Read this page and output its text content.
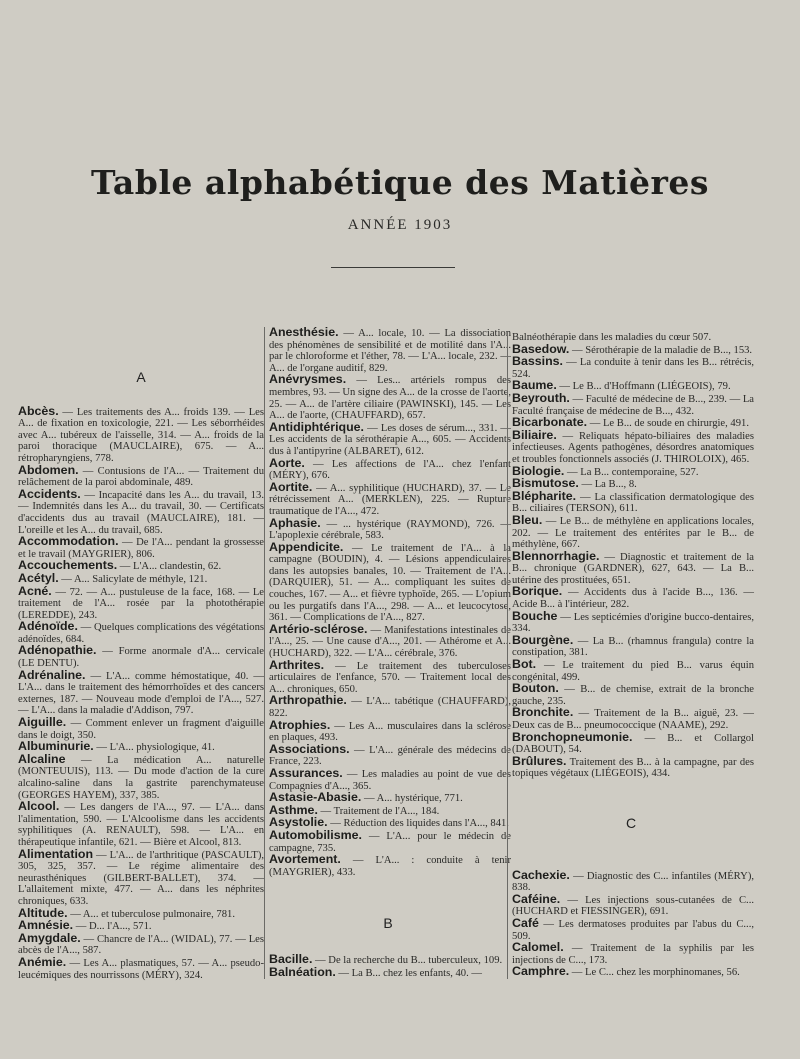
Table alphabétique des Matières
ANNÉE 1903
A
Abcès. — Les traitements des A... froids 139. — Les A... de fixation en toxicologie, 221. — Les séborrhéides avec A... tubéreux de l'aisselle, 314. — A... froids de la paroi thoracique (MAUCLAIRE), 675. — A... rétropharyngiens, 778.
Abdomen. — Contusions de l'A... — Traitement du relâchement de la paroi abdominale, 489.
Accidents. — Incapacité dans les A... du travail, 13. — Indemnités dans les A... du travail, 30. — Certificats d'accidents dus au travail (MAUCLAIRE), 181. — L'oreille et les A... du travail, 685.
Accommodation. — De l'A... pendant la grossesse et le travail (MAYGRIER), 806.
Accouchements. — L'A... clandestin, 62.
Acétyl. — A... Salicylate de méthyle, 121.
Acné. — 72. — A... pustuleuse de la face, 168. — Le traitement de l'A... rosée par la photothérapie (LEREDDE), 243.
Adénoïde. — Quelques complications des végétations adénoïdes, 684.
Adénopathie. — Forme anormale d'A... cervicale (LE DENTU).
Adrénaline. — L'A... comme hémostatique, 40. — L'A... dans le traitement des hémorrhoïdes et des cancers externes, 187. — Nouveau mode d'emploi de l'A..., 527. — L'A... dans la maladie d'Addison, 797.
Aiguille. — Comment enlever un fragment d'aiguille dans le doigt, 350.
Albuminurie. — L'A... physiologique, 41.
Alcaline — La médication A... naturelle (MONTEUUIS), 113. — Du mode d'action de la cure alcalino-saline dans la gastrite parenchymateuse (GEORGES HAYEM), 337, 385.
Alcool. — Les dangers de l'A..., 97. — L'A... dans l'alimentation, 590. — L'Alcoolisme dans les accidents syphilitiques (A. RENAULT), 598. — L'A... en thérapeutique infantile, 621. — Bière et Alcool, 813.
Alimentation — L'A... de l'arthritique (PASCAULT), 305, 325, 357. — Le régime alimentaire des neurasthéniques (GILBERT-BALLET), 374. — L'allaitement mixte, 477. — A... dans les néphrites chroniques, 633.
Altitude. — A... et tuberculose pulmonaire, 781.
Amnésie. — D... l'A..., 571.
Amygdale. — Chancre de l'A... (WIDAL), 77. — Les abcès de l'A..., 587.
Anémie. — Les A... plasmatiques, 57. — A... pseudo-leucémiques des nourrissons (MÉRY), 324.
Anesthésie. — A... locale, 10. — La dissociation des phénomènes de sensibilité et de motilité dans l'A... par le chloroforme et l'éther, 78. — L'A... locale, 232. — A... de l'organe auditif, 829.
Anévrysmes. — Les... artériels rompus des membres, 93. — Un signe des A... de la crosse de l'aorte, 25. — A... de l'artère ciliaire (PAWINSKI), 145. — Les A... de l'aorte, (CHAUFFARD), 657.
Antidiphtérique. — Les doses de sérum..., 331. — Les accidents de la sérothérapie A..., 605. — Accidents dus à l'antipyrine (ALBARET), 612.
Aorte. — Les affections de l'A... chez l'enfant (MÉRY), 676.
Aortite. — A... syphilitique (HUCHARD), 37. — Le rétrécissement A... (MERKLEN), 225. — Rupture traumatique de l'A..., 472.
Aphasie. — ... hystérique (RAYMOND), 726. — L'apoplexie cérébrale, 583.
Appendicite. — Le traitement de l'A... à la campagne (BOUDIN), 4. — Lésions appendiculaires dans les autopsies banales, 10. — Traitement de l'A... (DARQUIER), 51. — A... compliquant les suites de couches, 167. — A... et fièvre typhoïde, 265. — L'opium ou les purgatifs dans l'A..., 298. — A... et leucocytose, 361. — Complications de l'A..., 827.
Artério-sclérose. — Manifestations intestinales de l'A..., 25. — Une cause d'A..., 201. — Athérome et A... (HUCHARD), 322. — L'A... cérébrale, 376.
Arthrites. — Le traitement des tuberculoses articulaires de l'enfance, 570. — Traitement local des A... chroniques, 650.
Arthropathie. — L'A... tabétique (CHAUFFARD), 822.
Atrophies. — Les A... musculaires dans la sclérose en plaques, 493.
Associations. — L'A... générale des médecins de France, 223.
Assurances. — Les maladies au point de vue des Compagnies d'A..., 365.
Astasie-Abasie. — A... hystérique, 771.
Asthme. — Traitement de l'A..., 184.
Asystolie. — Réduction des liquides dans l'A..., 841.
Automobilisme. — L'A... pour le médecin de campagne, 735.
Avortement. — L'A... : conduite à tenir (MAYGRIER), 433.
B
Bacille. — De la recherche du B... tuberculeux, 109.
Balnéation. — La B... chez les enfants, 40. —
Balnéothérapie dans les maladies du cœur 507.
Basedow. — Sérothérapie de la maladie de B..., 153.
Bassins. — La conduite à tenir dans les B... rétrécis, 524.
Baume. — Le B... d'Hoffmann (LIÉGEOIS), 79.
Beyrouth. — Faculté de médecine de B..., 239. — La Faculté française de médecine de B..., 432.
Bicarbonate. — Le B... de soude en chirurgie, 491.
Biliaire. — Reliquats hépato-biliaires des maladies infectieuses. Agents pathogènes, désordres anatomiques et troubles fonctionnels associés (J. THIROLOIX), 465.
Biologie. — La B... contemporaine, 527.
Bismutose. — La B..., 8.
Blépharite. — La classification dermatologique des B... ciliaires (TERSON), 611.
Bleu. — Le B... de méthylène en applications locales, 202. — Le traitement des entérites par le B... de méthylène, 667.
Blennorrhagie. — Diagnostic et traitement de la B... chronique (GARDNER), 627, 643. — La B... utérine des prostituées, 651.
Borique. — Accidents dus à l'acide B..., 136. — Acide B... à l'intérieur, 282.
Bouche — Les septicémies d'origine bucco-dentaires, 334.
Bourgène. — La B... (rhamnus frangula) contre la constipation, 381.
Bot. — Le traitement du pied B... varus équin congénital, 499.
Bouton. — B... de chemise, extrait de la bronche gauche, 235.
Bronchite. — Traitement de la B... aiguë, 23. — Deux cas de B... pneumococcique (NAAME), 292.
Bronchopneumonie. — B... et Collargol (DABOUT), 54.
Brûlures. Traitement des B... à la campagne, par des topiques végétaux (LIÉGEOIS), 434.
C
Cachexie. — Diagnostic des C... infantiles (MÉRY), 838.
Caféine. — Les injections sous-cutanées de C... (HUCHARD et FIESSINGER), 691.
Café — Les dermatoses produites par l'abus du C..., 509.
Calomel. — Traitement de la syphilis par les injections de C..., 173.
Camphre. — Le C... chez les morphinomanes, 56.
